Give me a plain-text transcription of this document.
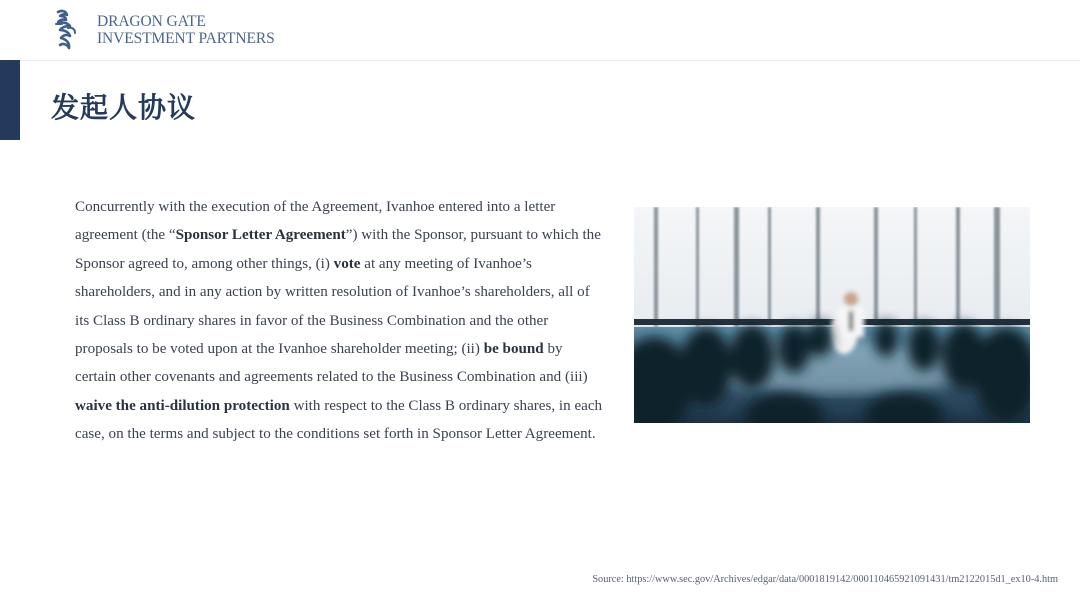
DRAGON GATE
INVESTMENT PARTNERS
发起人协议
Concurrently with the execution of the Agreement, Ivanhoe entered into a letter agreement (the “Sponsor Letter Agreement”) with the Sponsor, pursuant to which the Sponsor agreed to, among other things, (i) vote at any meeting of Ivanhoe’s shareholders, and in any action by written resolution of Ivanhoe’s shareholders, all of its Class B ordinary shares in favor of the Business Combination and the other proposals to be voted upon at the Ivanhoe shareholder meeting; (ii) be bound by certain other covenants and agreements related to the Business Combination and (iii) waive the anti-dilution protection with respect to the Class B ordinary shares, in each case, on the terms and subject to the conditions set forth in Sponsor Letter Agreement.
Source: https://www.sec.gov/Archives/edgar/data/0001819142/000110465921091431/tm2122015d1_ex10-4.htm
